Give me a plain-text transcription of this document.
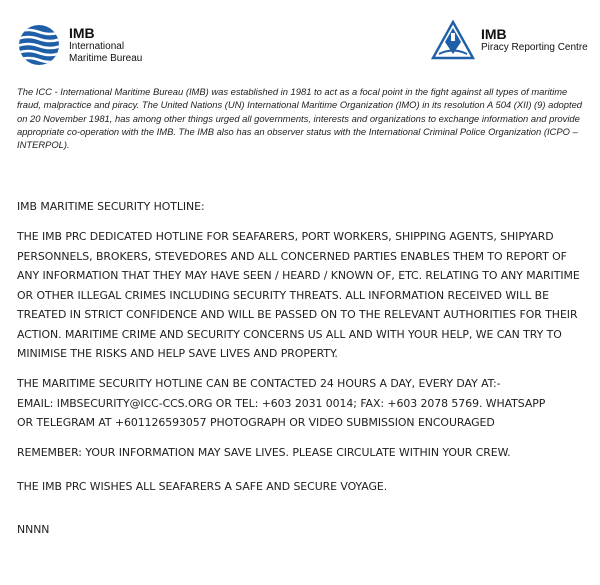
IMB
International
Maritime Bureau
IMB
Piracy Reporting Centre

The ICC - International Maritime Bureau (IMB) was established in 1981 to act as a focal point in the fight against all types of maritime fraud, malpractice and piracy. The United Nations (UN) International Maritime Organization (IMO) in its resolution A 504 (XII) (9) adopted on 20 November 1981, has among other things urged all governments, interests and organizations to exchange information and provide appropriate co-operation with the IMB. The IMB also has an observer status with the International Criminal Police Organization (ICPO – INTERPOL).

IMB MARITIME SECURITY HOTLINE:

THE IMB PRC DEDICATED HOTLINE FOR SEAFARERS, PORT WORKERS, SHIPPING AGENTS, SHIPYARD PERSONNELS, BROKERS, STEVEDORES AND ALL CONCERNED PARTIES ENABLES THEM TO REPORT OF ANY INFORMATION THAT THEY MAY HAVE SEEN / HEARD / KNOWN OF, ETC. RELATING TO ANY MARITIME OR OTHER ILLEGAL CRIMES INCLUDING SECURITY THREATS. ALL INFORMATION RECEIVED WILL BE TREATED IN STRICT CONFIDENCE AND WILL BE PASSED ON TO THE RELEVANT AUTHORITIES FOR THEIR ACTION. MARITIME CRIME AND SECURITY CONCERNS US ALL AND WITH YOUR HELP, WE CAN TRY TO MINIMISE THE RISKS AND HELP SAVE LIVES AND PROPERTY.

THE MARITIME SECURITY HOTLINE CAN BE CONTACTED 24 HOURS A DAY, EVERY DAY AT:-
EMAIL: IMBSECURITY@ICC-CCS.ORG OR TEL: +603 2031 0014; FAX: +603 2078 5769. WHATSAPP
OR TELEGRAM AT +601126593057 PHOTOGRAPH OR VIDEO SUBMISSION ENCOURAGED

REMEMBER: YOUR INFORMATION MAY SAVE LIVES. PLEASE CIRCULATE WITHIN YOUR CREW.

THE IMB PRC WISHES ALL SEAFARERS A SAFE AND SECURE VOYAGE.

NNNN
